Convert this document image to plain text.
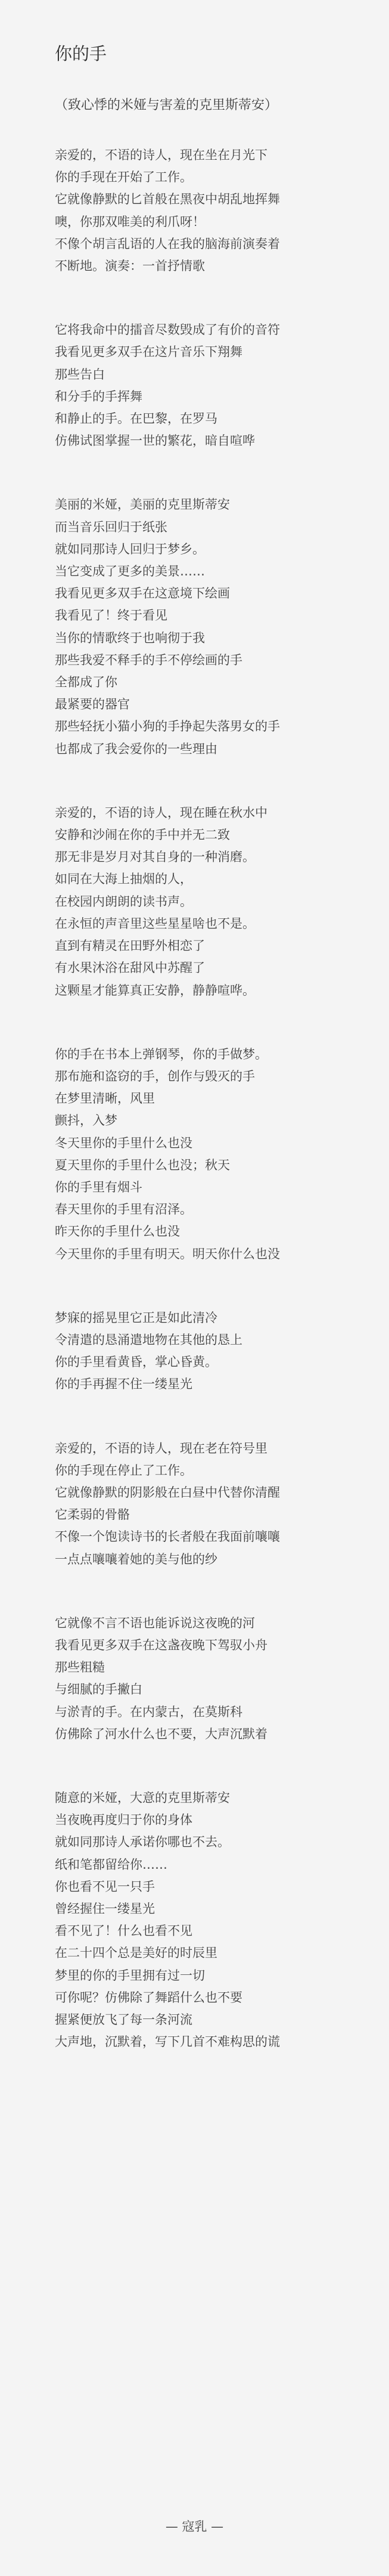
你的手
（致心悸的米娅与害羞的克里斯蒂安）
亲爱的，不语的诗人，现在坐在月光下
你的手现在开始了工作。
它就像静默的匕首般在黑夜中胡乱地挥舞
噢，你那双唯美的利爪呀！
不像个胡言乱语的人在我的脑海前演奏着
不断地。演奏：一首抒情歌
它将我命中的擂音尽数毁成了有价的音符
我看见更多双手在这片音乐下翔舞
那些告白
和分手的手挥舞
和静止的手。在巴黎，在罗马
仿佛试图掌握一世的繁花，暗自喧哗
美丽的米娅，美丽的克里斯蒂安
而当音乐回归于纸张
就如同那诗人回归于梦乡。
当它变成了更多的美景……
我看见更多双手在这意境下绘画
我看见了！终于看见
当你的情歌终于也响彻于我
那些我爱不释手的手不停绘画的手
全都成了你
最紧要的器官
那些轻抚小猫小狗的手挣起失落男女的手
也都成了我会爱你的一些理由
亲爱的，不语的诗人，现在睡在秋水中
安静和沙闹在你的手中并无二致
那无非是岁月对其自身的一种消磨。
如同在大海上抽烟的人，
在校园内朗朗的读书声。
在永恒的声音里这些星星啥也不是。
直到有精灵在田野外相恋了
有水果沐浴在甜风中苏醒了
这颗星才能算真正安静，静静喧哗。
你的手在书本上弹钢琴，你的手做梦。
那布施和盗窃的手，创作与毁灭的手
在梦里清晰，风里
颤抖，入梦
冬天里你的手里什么也没
夏天里你的手里什么也没；秋天
你的手里有烟斗
春天里你的手里有沼泽。
昨天你的手里什么也没
今天里你的手里有明天。明天你什么也没
梦寐的摇晃里它正是如此清冷
令清遣的恳涌遣地物在其他的恳上
你的手里看黄昏，掌心昏黄。
你的手再握不住一缕星光
亲爱的，不语的诗人，现在老在符号里
你的手现在停止了工作。
它就像静默的阴影般在白昼中代替你清醒
它柔弱的骨骼
不像一个饱读诗书的长者般在我面前嚷嚷
一点点嚷嚷着她的美与他的纱
它就像不言不语也能诉说这夜晚的河
我看见更多双手在这盏夜晚下驾驭小舟
那些粗糙
与细腻的手撇白
与淤青的手。在内蒙古，在莫斯科
仿佛除了河水什么也不要，大声沉默着
随意的米娅，大意的克里斯蒂安
当夜晚再度归于你的身体
就如同那诗人承诺你哪也不去。
纸和笔都留给你……
你也看不见一只手
曾经握住一缕星光
看不见了！什么也看不见
在二十四个总是美好的时辰里
梦里的你的手里拥有过一切
可你呢？仿佛除了舞蹈什么也不要
握紧便放飞了每一条河流
大声地，沉默着，写下几首不难构思的谎
— 寇乳 —
